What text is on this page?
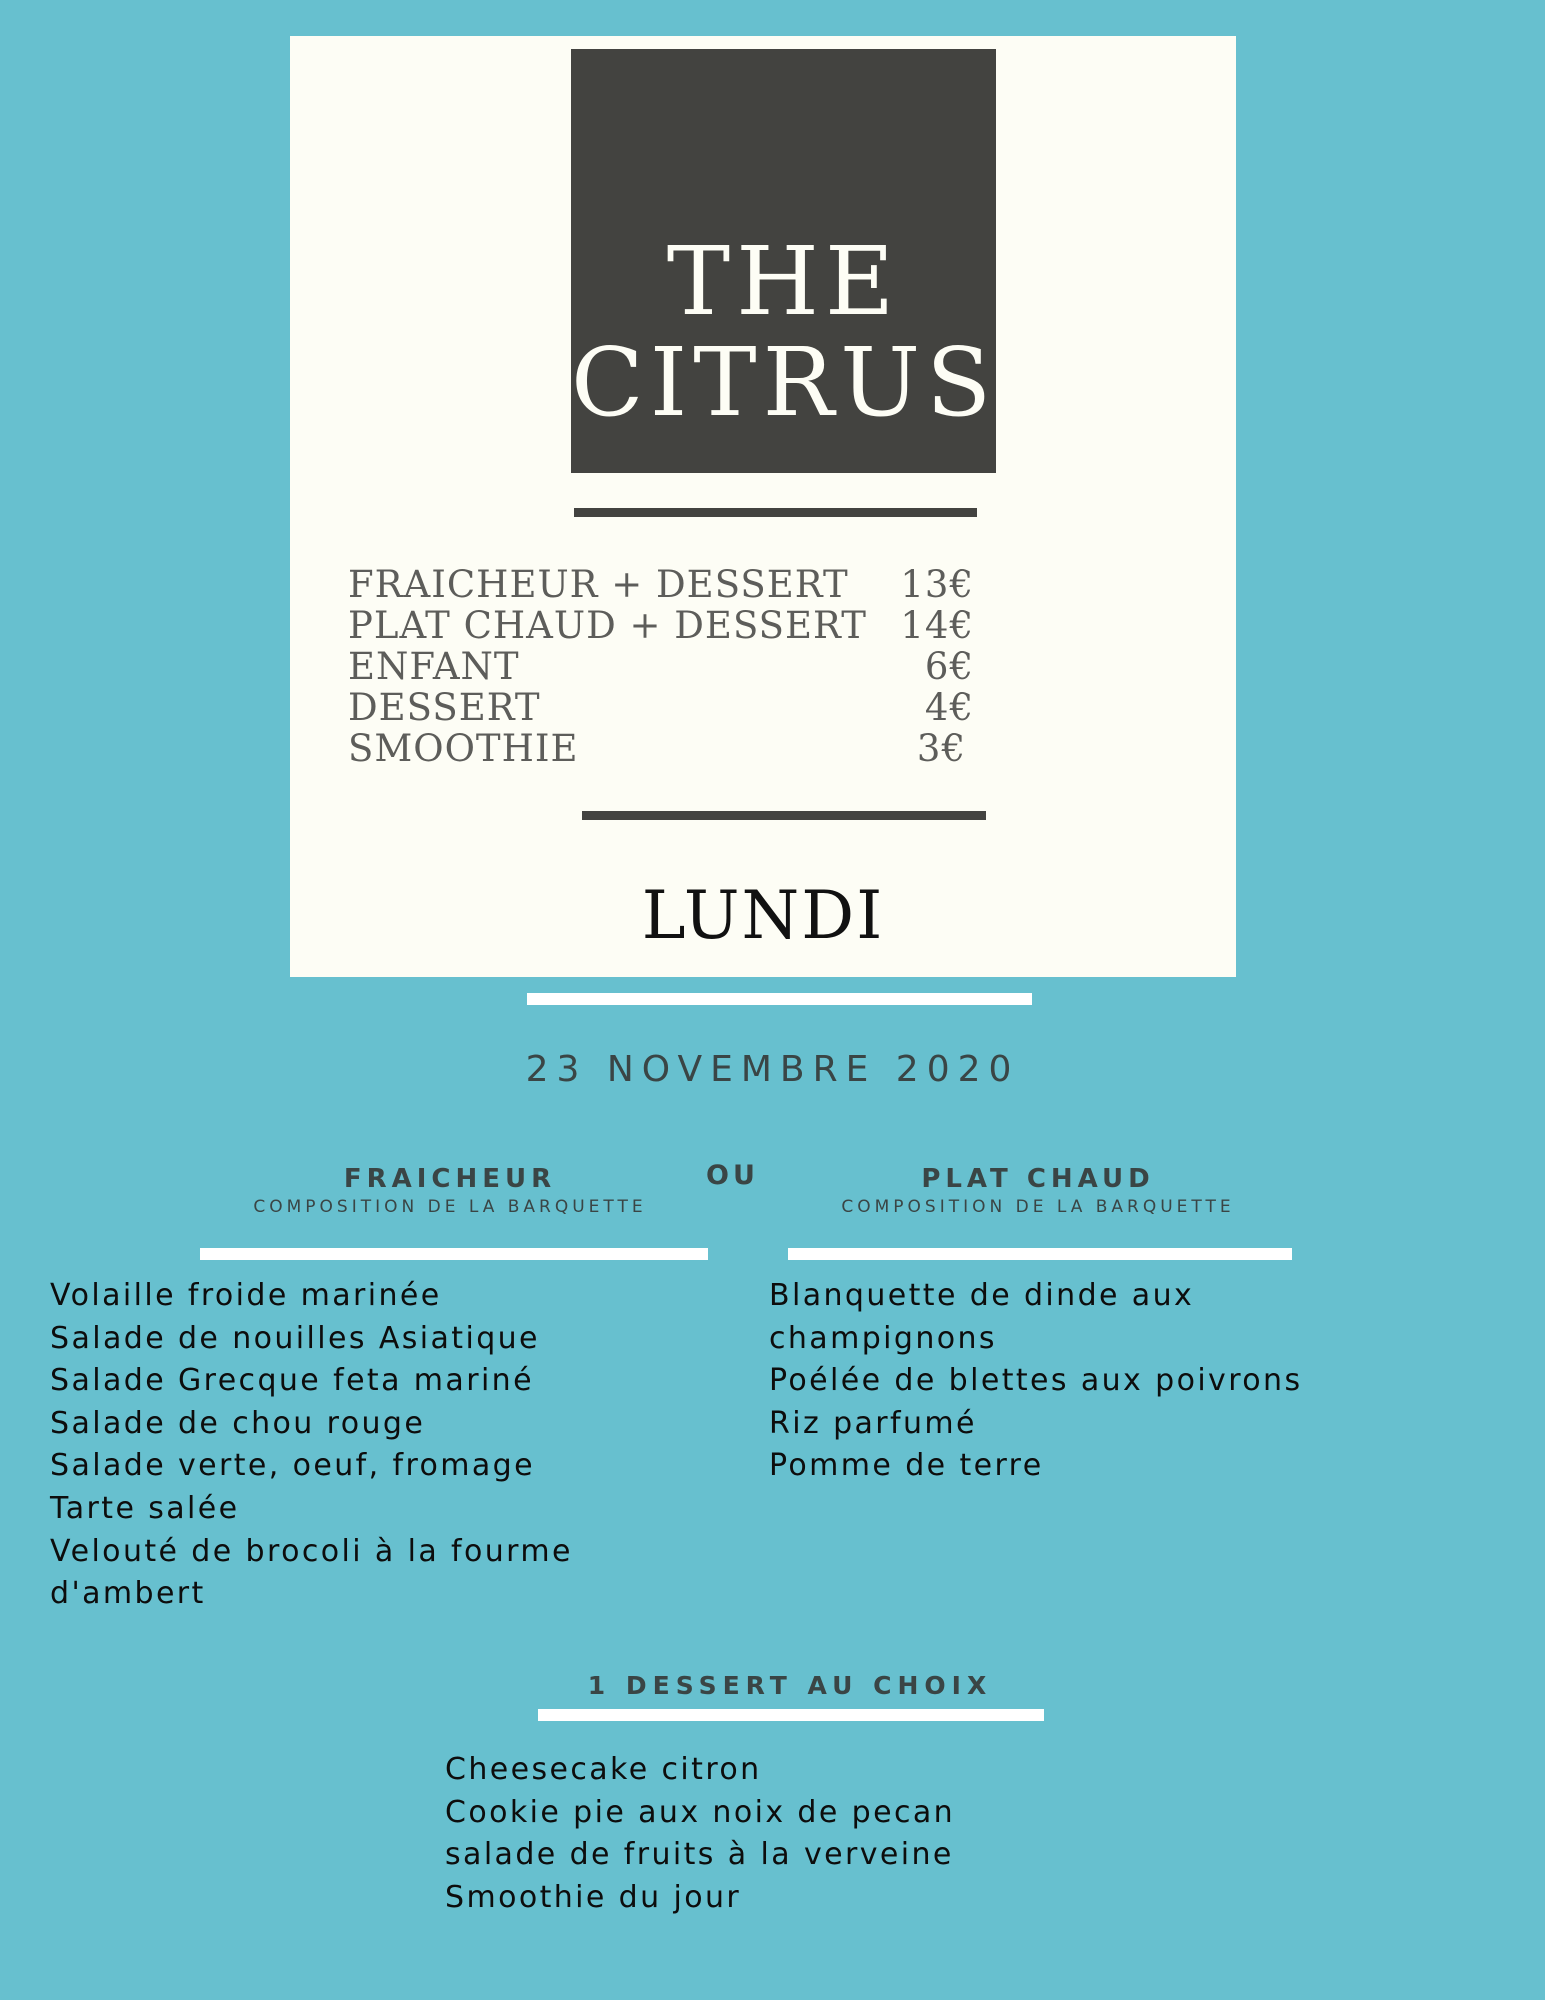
THE
CITRUS
FRAICHEUR + DESSERT 13€
PLAT CHAUD + DESSERT 14€
ENFANT	6€
DESSERT	4€
SMOOTHIE	3€
LUNDI
23 NOVEMBRE 2020
FRAICHEUR
COMPOSITION DE LA BARQUETTE
OU	PLAT CHAUD
COMPOSITION DE LA BARQUETTE
Volaille froide marinée
Salade de nouilles Asiatique
Salade Grecque feta mariné
Salade de chou rouge
Salade verte, oeuf, fromage
Tarte salée
Velouté de brocoli à la fourme
d'ambert
Blanquette de dinde aux
champignons
Poélée de blettes aux poivrons
Riz parfumé
Pomme de terre
1 DESSERT AU CHOIX
Cheesecake citron
Cookie pie aux noix de pecan
salade de fruits à la verveine
Smoothie du jour
